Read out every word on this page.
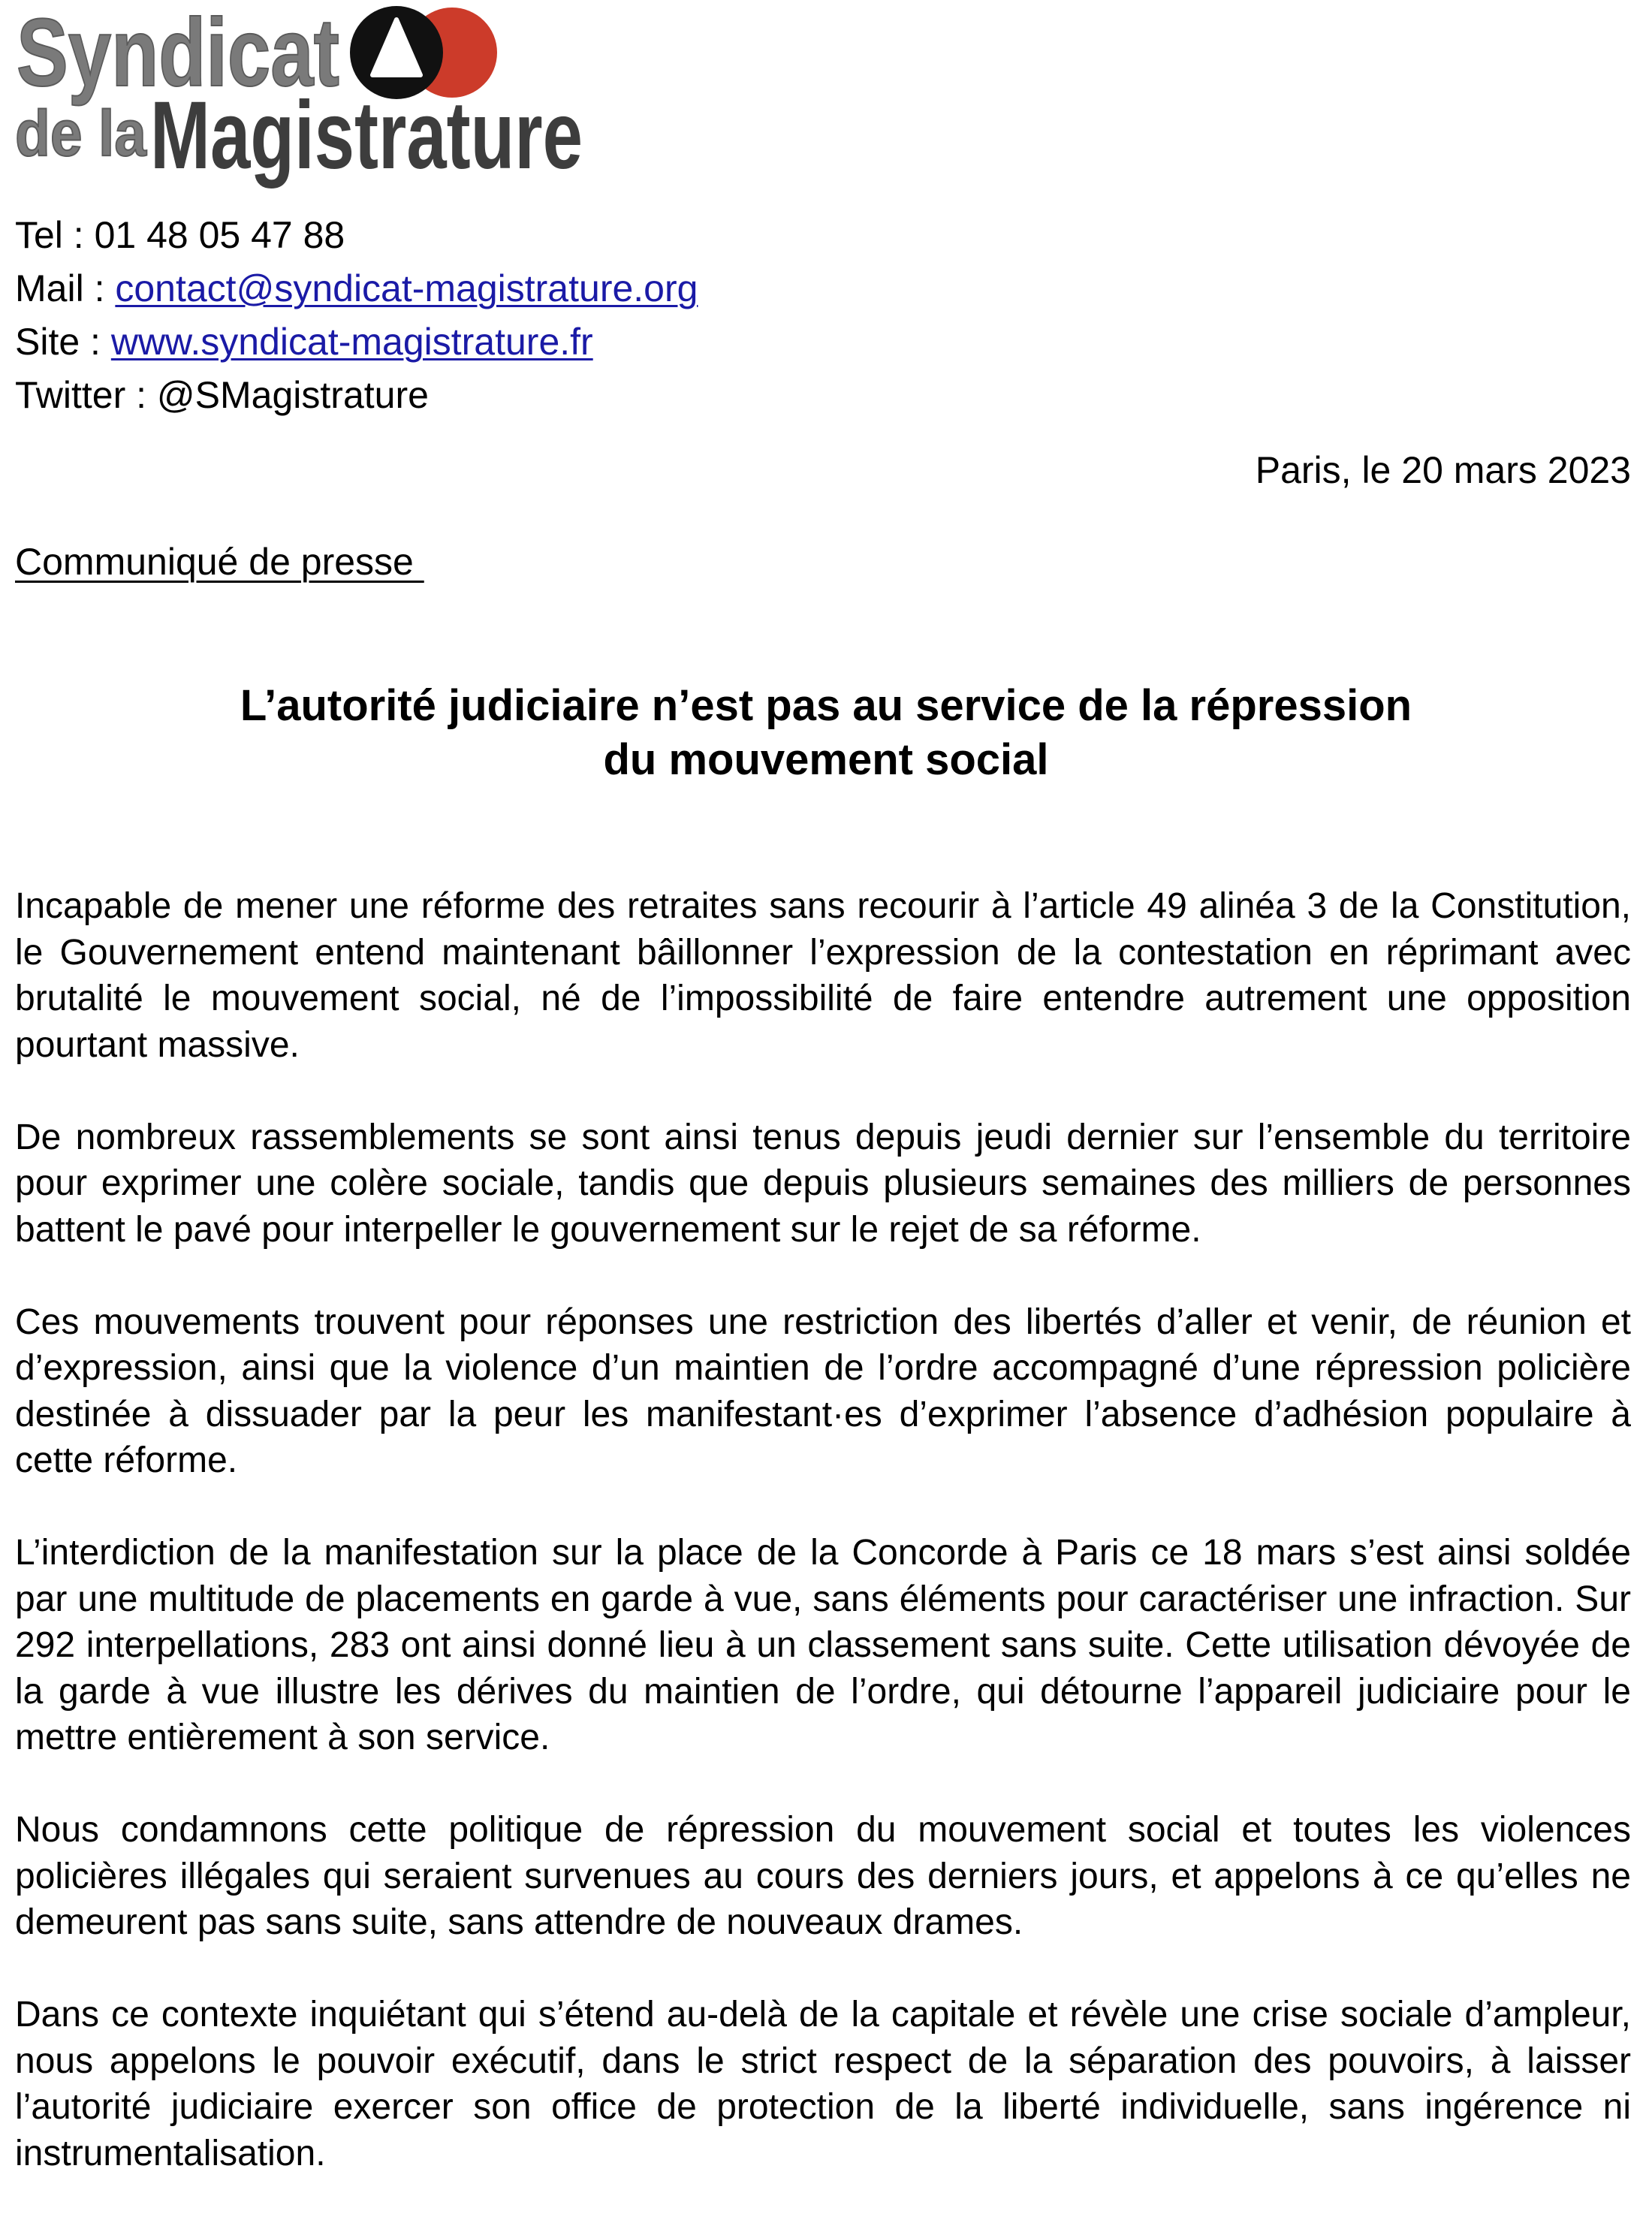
Syndicat
de la Magistrature
Tel : 01 48 05 47 88
Mail : contact@syndicat-magistrature.org
Site : www.syndicat-magistrature.fr
Twitter : @SMagistrature
Paris, le 20 mars 2023
Communiqué de presse
L’autorité judiciaire n’est pas au service de la répression
du mouvement social

Incapable de mener une réforme des retraites sans recourir à l’article 49 alinéa 3 de la Constitution, le Gouvernement entend maintenant bâillonner l’expression de la contestation en réprimant avec brutalité le mouvement social, né de l’impossibilité de faire entendre autrement une opposition pourtant massive.

De nombreux rassemblements se sont ainsi tenus depuis jeudi dernier sur l’ensemble du territoire pour exprimer une colère sociale, tandis que depuis plusieurs semaines des milliers de personnes battent le pavé pour interpeller le gouvernement sur le rejet de sa réforme.

Ces mouvements trouvent pour réponses une restriction des libertés d’aller et venir, de réunion et d’expression, ainsi que la violence d’un maintien de l’ordre accompagné d’une répression policière destinée à dissuader par la peur les manifestant·es d’exprimer l’absence d’adhésion populaire à cette réforme.

L’interdiction de la manifestation sur la place de la Concorde à Paris ce 18 mars s’est ainsi soldée par une multitude de placements en garde à vue, sans éléments pour caractériser une infraction. Sur 292 interpellations, 283 ont ainsi donné lieu à un classement sans suite. Cette utilisation dévoyée de la garde à vue illustre les dérives du maintien de l’ordre, qui détourne l’appareil judiciaire pour le mettre entièrement à son service.

Nous condamnons cette politique de répression du mouvement social et toutes les violences policières illégales qui seraient survenues au cours des derniers jours, et appelons à ce qu’elles ne demeurent pas sans suite, sans attendre de nouveaux drames.

Dans ce contexte inquiétant qui s’étend au-delà de la capitale et révèle une crise sociale d’ampleur, nous appelons le pouvoir exécutif, dans le strict respect de la séparation des pouvoirs, à laisser l’autorité judiciaire exercer son office de protection de la liberté individuelle, sans ingérence ni instrumentalisation.
